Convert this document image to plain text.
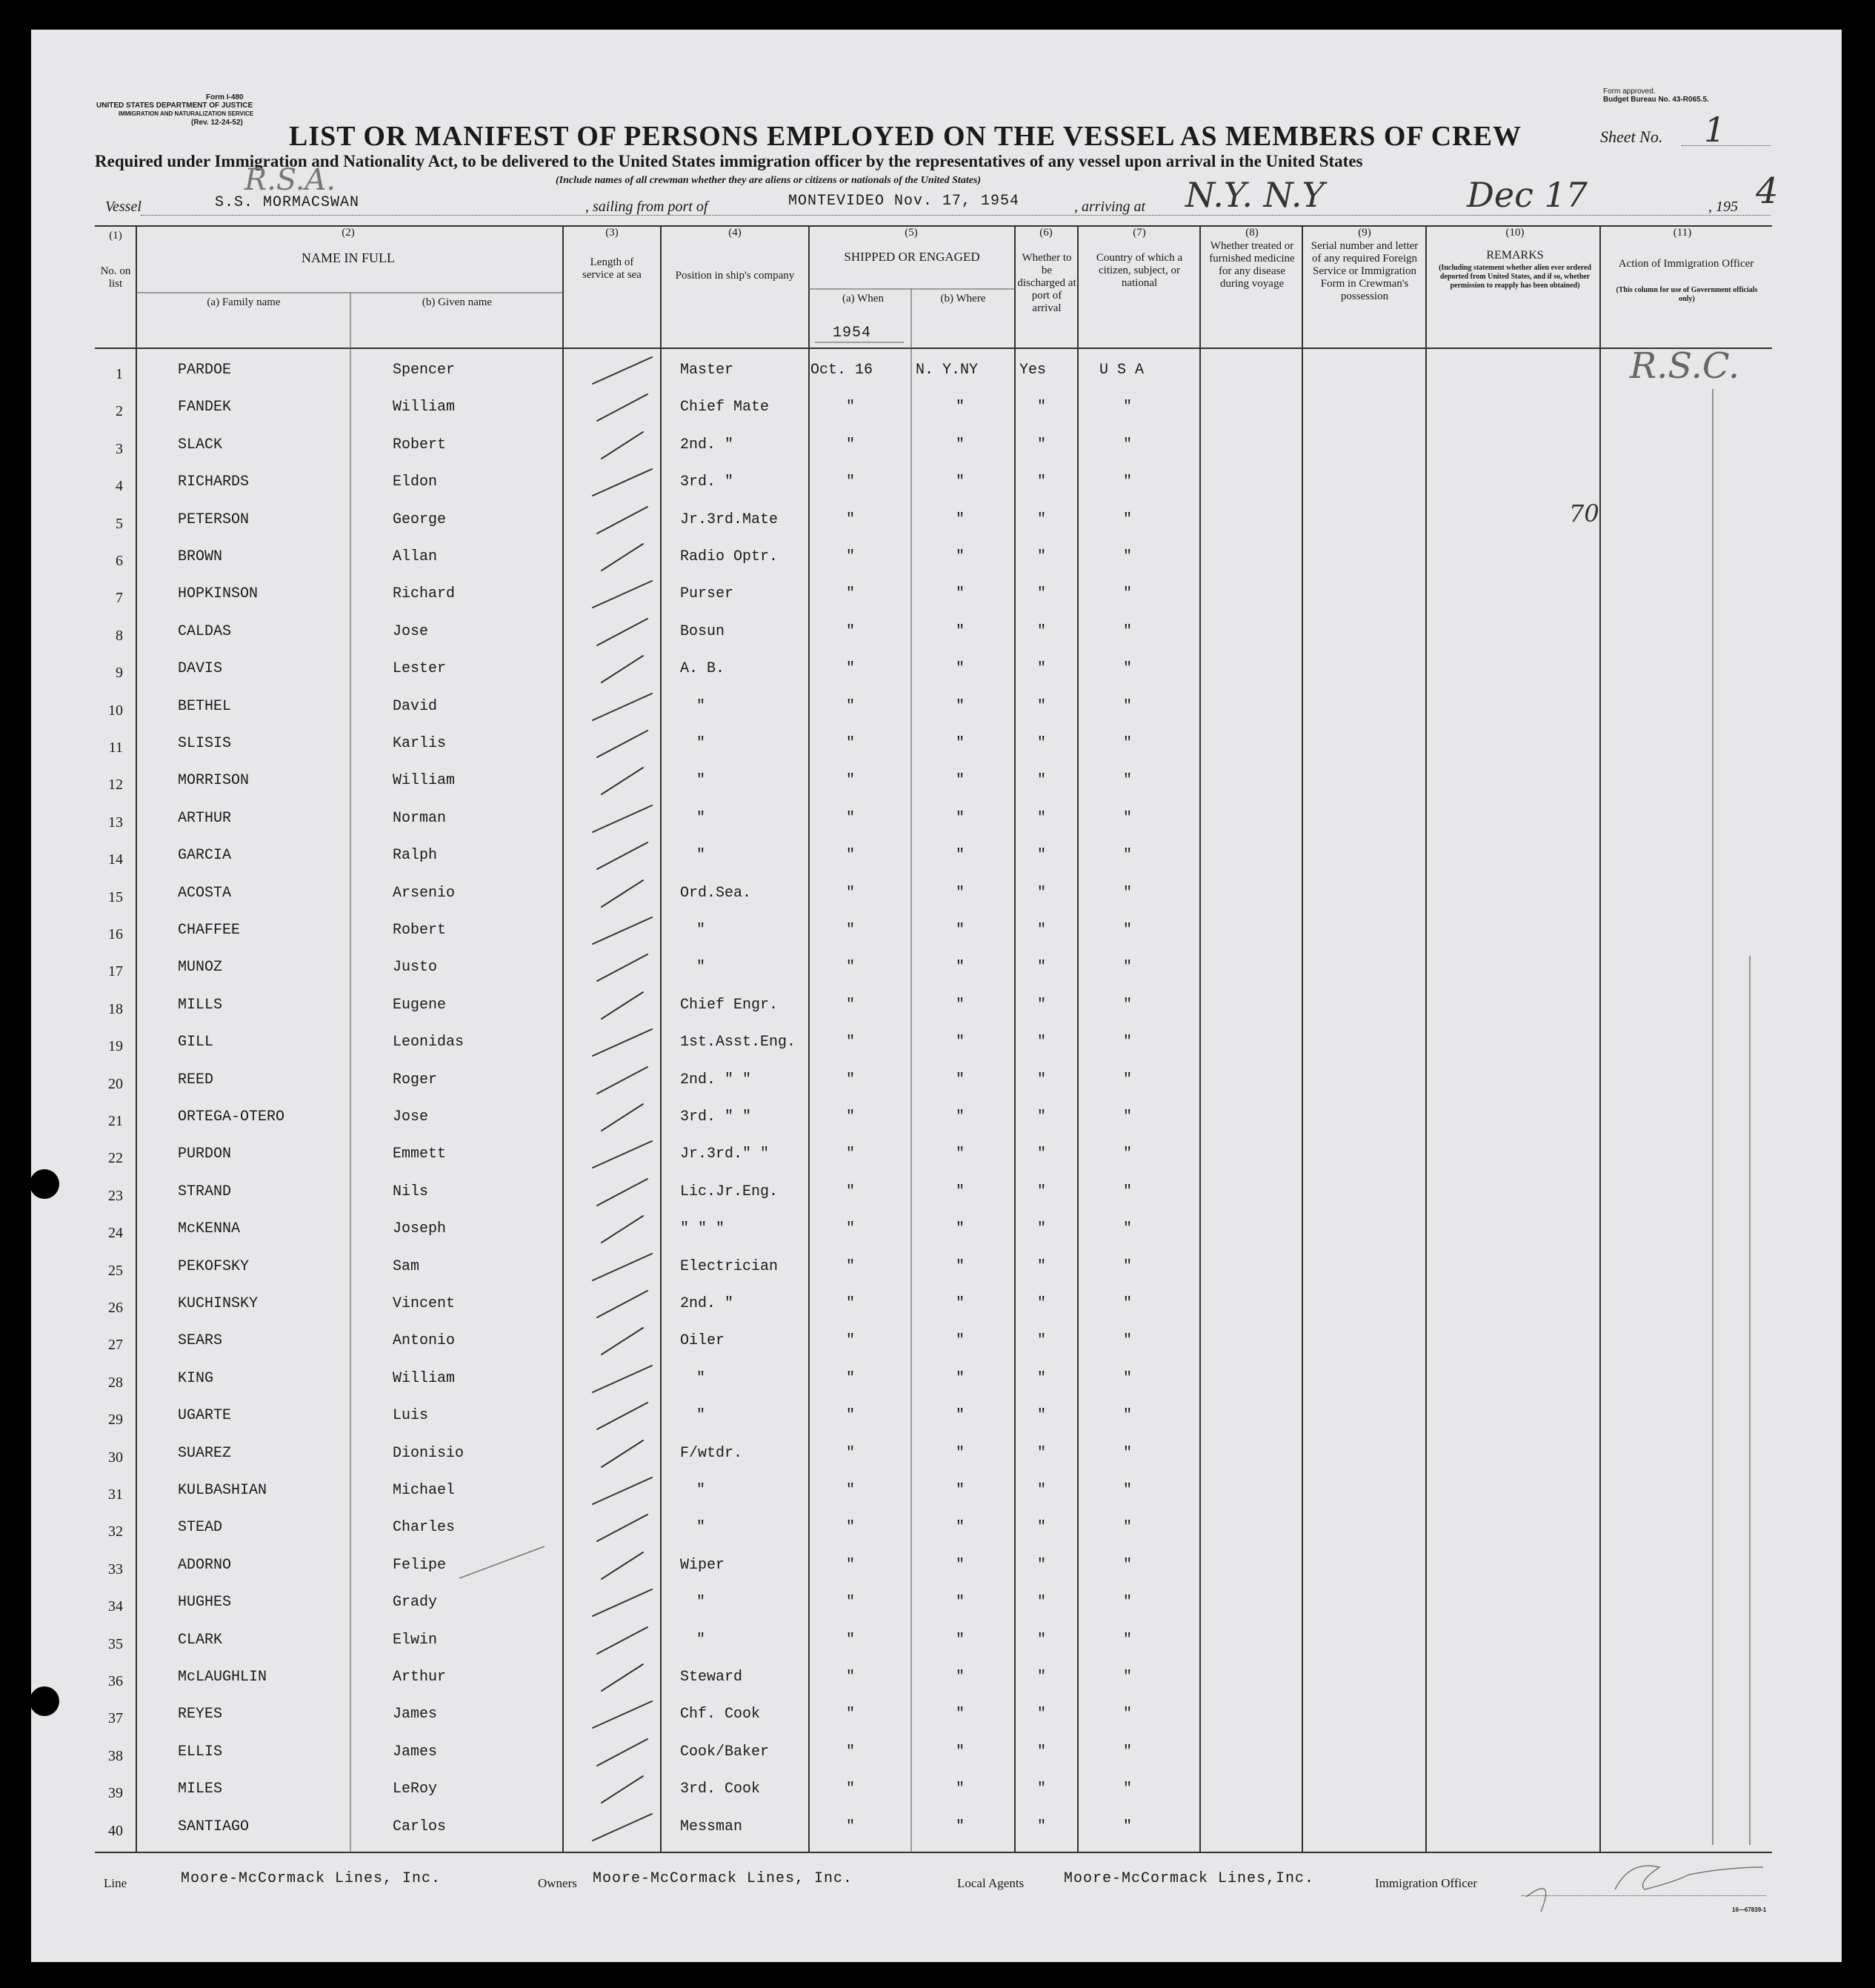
Form I-480
UNITED STATES DEPARTMENT OF JUSTICE
IMMIGRATION AND NATURALIZATION SERVICE
(Rev. 12-24-52)
Form approved.
Budget Bureau No. 43-R065.5.
LIST OR MANIFEST OF PERSONS EMPLOYED ON THE VESSEL AS MEMBERS OF CREW	Sheet No. 1
Required under Immigration and Nationality Act, to be delivered to the United States immigration officer by the representatives of any vessel upon arrival in the United States
(Include names of all crewman whether they are aliens or citizens or nationals of the United States)
Vessel	S.S. MORMACSWAN
R.S.A.
, sailing from port of	MONTEVIDEO Nov. 17, 1954	, arriving at N.Y. N.Y	Dec 17	, 195 4
(1)
No. on list
(2)
NAME IN FULL
(a) Family name	(b) Given name
(3)
Length of service at sea
(4)
Position in ship's company
(5)
SHIPPED OR ENGAGED
(a) When	(b) Where
1954
(6)
Whether to be discharged at port of arrival
(7)
Country of which a citizen, subject, or national
(8)
Whether treated or furnished medicine for any disease during voyage
(9)
Serial number and letter of any required Foreign Service or Immigration Form in Crewman's possession
(10)
REMARKS
(Including statement whether alien ever ordered deported from United States, and if so, whether permission to reapply has been obtained)
(11)
Action of Immigration Officer
(This column for use of Government officials only)
R.S.C.
70
1	PARDOE	Spencer	Master	Oct. 16	N. Y.NY	Yes	U S A
2	FANDEK	William	Chief Mate	"	"	"	"
3	SLACK	Robert	2nd. "	"	"	"	"
4	RICHARDS	Eldon	3rd. "	"	"	"	"
5	PETERSON	George	Jr.3rd.Mate	"	"	"	"
6	BROWN	Allan	Radio Optr.	"	"	"	"
7	HOPKINSON	Richard	Purser	"	"	"	"
8	CALDAS	Jose	Bosun	"	"	"	"
9	DAVIS	Lester	A. B.	"	"	"	"
10	BETHEL	David	"	"	"	"	"
11	SLISIS	Karlis	"	"	"	"	"
12	MORRISON	William	"	"	"	"	"
13	ARTHUR	Norman	"	"	"	"	"
14	GARCIA	Ralph	"	"	"	"	"
15	ACOSTA	Arsenio	Ord.Sea.	"	"	"	"
16	CHAFFEE	Robert	"	"	"	"	"
17	MUNOZ	Justo	"	"	"	"	"
18	MILLS	Eugene	Chief Engr.	"	"	"	"
19	GILL	Leonidas	1st.Asst.Eng.	"	"	"	"
20	REED	Roger	2nd. " "	"	"	"	"
21	ORTEGA-OTERO	Jose	3rd. " "	"	"	"	"
22	PURDON	Emmett	Jr.3rd." "	"	"	"	"
23	STRAND	Nils	Lic.Jr.Eng.	"	"	"	"
24	McKENNA	Joseph	" " "	"	"	"	"
25	PEKOFSKY	Sam	Electrician	"	"	"	"
26	KUCHINSKY	Vincent	2nd. "	"	"	"	"
27	SEARS	Antonio	Oiler	"	"	"	"
28	KING	William	"	"	"	"	"
29	UGARTE	Luis	"	"	"	"	"
30	SUAREZ	Dionisio	F/wtdr.	"	"	"	"
31	KULBASHIAN	Michael	"	"	"	"	"
32	STEAD	Charles	"	"	"	"	"
33	ADORNO	Felipe	Wiper	"	"	"	"
34	HUGHES	Grady	"	"	"	"	"
35	CLARK	Elwin	"	"	"	"	"
36	McLAUGHLIN	Arthur	Steward	"	"	"	"
37	REYES	James	Chf. Cook	"	"	"	"
38	ELLIS	James	Cook/Baker	"	"	"	"
39	MILES	LeRoy	3rd. Cook	"	"	"	"
40	SANTIAGO	Carlos	Messman	"	"	"	"
Line	Moore-McCormack Lines, Inc.	Owners Moore-McCormack Lines, Inc.	Local Agents	Moore-McCormack Lines,Inc.	Immigration Officer
16—67839-1
